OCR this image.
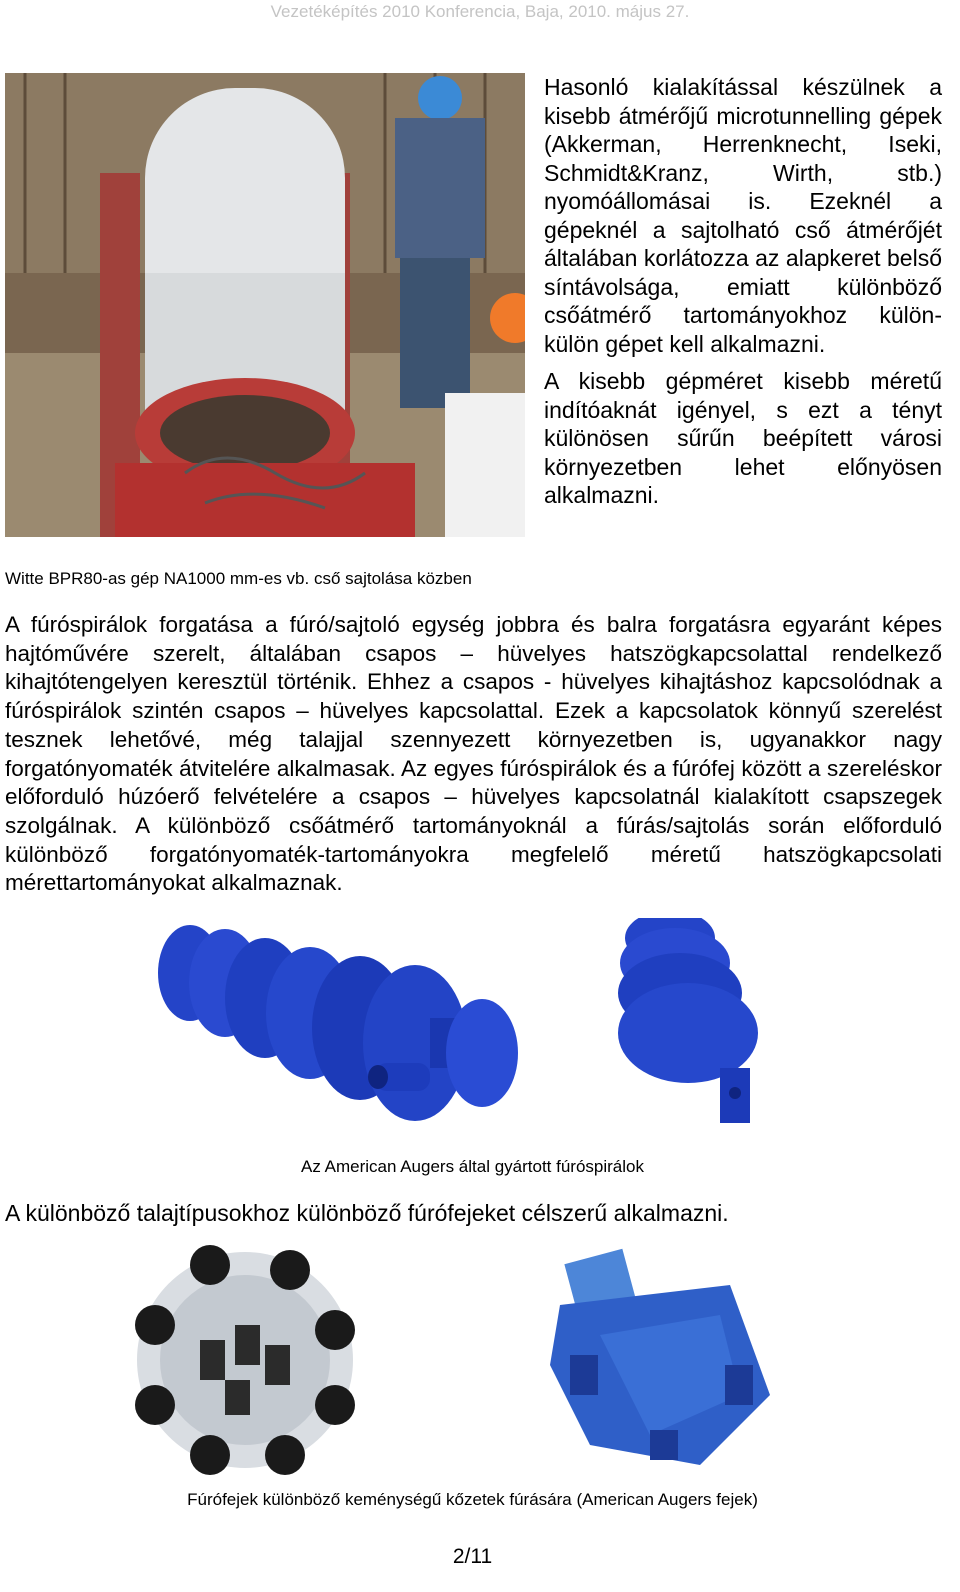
Vezetéképítés 2010 Konferencia, Baja, 2010. május 27.

Hasonló kialakítással készülnek a kisebb átmérőjű microtunnelling gépek (Akkerman, Herrenknecht, Iseki, Schmidt&Kranz, Wirth, stb.) nyomóállomásai is. Ezeknél a gépeknél a sajtolható cső átmérőjét általában korlátozza az alapkeret belső síntávolsága, emiatt különböző csőátmérő tartományokhoz külön-külön gépet kell alkalmazni.

A kisebb gépméret kisebb méretű indítóaknát igényel, s ezt a tényt különösen sűrűn beépített városi környezetben lehet előnyösen alkalmazni.

Witte BPR80-as gép NA1000 mm-es vb. cső sajtolása közben
A fúróspirálok forgatása a fúró/sajtoló egység jobbra és balra forgatásra egyaránt képes hajtóművére szerelt, általában csapos – hüvelyes hatszögkapcsolattal rendelkező kihajtótengelyen keresztül történik. Ehhez a csapos - hüvelyes kihajtáshoz kapcsolódnak a fúróspirálok szintén csapos – hüvelyes kapcsolattal. Ezek a kapcsolatok könnyű szerelést tesznek lehetővé, még talajjal szennyezett környezetben is, ugyanakkor nagy forgatónyomaték átvitelére alkalmasak. Az egyes fúróspirálok és a fúrófej között a szereléskor előforduló húzóerő felvételére a csapos – hüvelyes kapcsolatnál kialakított csapszegek szolgálnak. A különböző csőátmérő tartományoknál a fúrás/sajtolás során előforduló különböző forgatónyomaték-tartományokra megfelelő méretű hatszögkapcsolati mérettartományokat alkalmaznak.
Az American Augers által gyártott fúróspirálok
A különböző talajtípusokhoz különböző fúrófejeket célszerű alkalmazni.
Fúrófejek különböző keménységű kőzetek fúrására (American Augers fejek)
2/11
